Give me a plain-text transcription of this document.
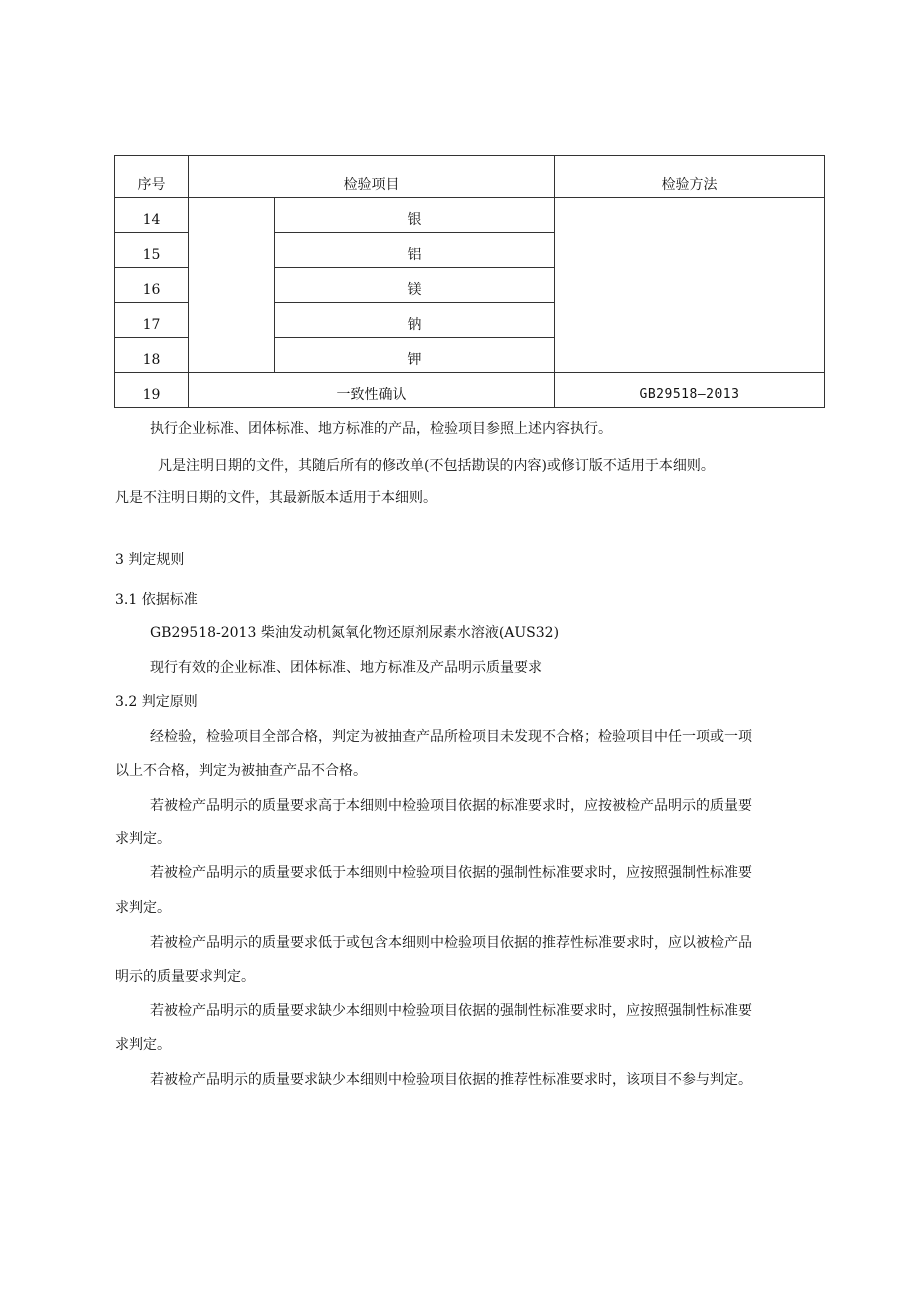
序号	检验项目		检验方法
14		银	
15		铝	
16		镁	
17		钠	
18		钾	
19	一致性确认		GB29518—2013
执行企业标准、团体标准、地方标准的产品，检验项目参照上述内容执行。
凡是注明日期的文件，其随后所有的修改单(不包括勘误的内容)或修订版不适用于本细则。
凡是不注明日期的文件，其最新版本适用于本细则。
3 判定规则
3.1 依据标准
GB29518-2013 柴油发动机氮氧化物还原剂尿素水溶液(AUS32)
现行有效的企业标准、团体标准、地方标准及产品明示质量要求
3.2 判定原则
经检验，检验项目全部合格，判定为被抽查产品所检项目未发现不合格；检验项目中任一项或一项
以上不合格，判定为被抽查产品不合格。
若被检产品明示的质量要求高于本细则中检验项目依据的标准要求时，应按被检产品明示的质量要
求判定。
若被检产品明示的质量要求低于本细则中检验项目依据的强制性标准要求时，应按照强制性标准要
求判定。
若被检产品明示的质量要求低于或包含本细则中检验项目依据的推荐性标准要求时，应以被检产品
明示的质量要求判定。
若被检产品明示的质量要求缺少本细则中检验项目依据的强制性标准要求时，应按照强制性标准要
求判定。
若被检产品明示的质量要求缺少本细则中检验项目依据的推荐性标准要求时，该项目不参与判定。
